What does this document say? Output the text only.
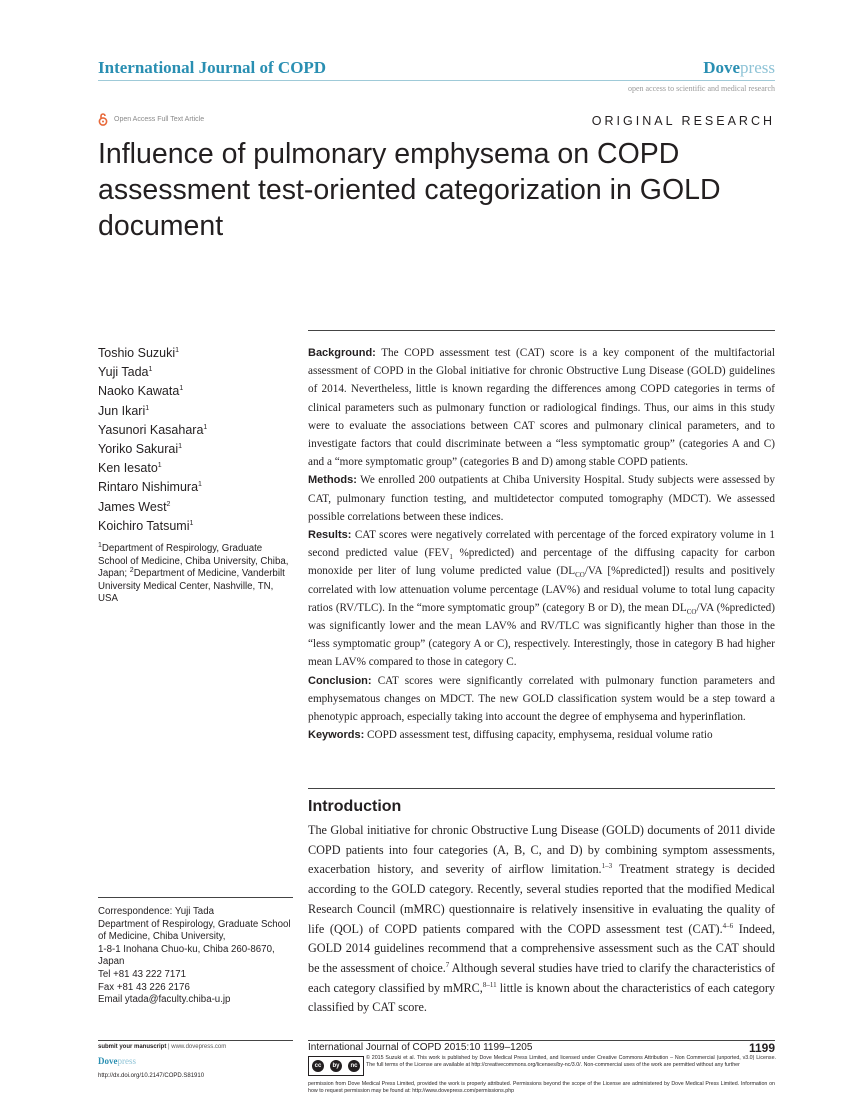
International Journal of COPD	Dovepress
open access to scientific and medical research
Open Access Full Text Article	ORIGINAL RESEARCH
Influence of pulmonary emphysema on COPD assessment test-oriented categorization in GOLD document
Toshio Suzuki$^1$
Yuji Tada$^1$
Naoko Kawata$^1$
Jun Ikari$^1$
Yasunori Kasahara$^1$
Yoriko Sakurai$^1$
Ken Iesato$^1$
Rintaro Nishimura$^1$
James West$^2$
Koichiro Tatsumi$^1$
$^1$Department of Respirology, Graduate School of Medicine, Chiba University, Chiba, Japan; $^2$Department of Medicine, Vanderbilt University Medical Center, Nashville, TN, USA

Background: The COPD assessment test (CAT) score is a key component of the multifactorial assessment of COPD in the Global initiative for chronic Obstructive Lung Disease (GOLD) guidelines of 2014. Nevertheless, little is known regarding the differences among COPD categories in terms of clinical parameters such as pulmonary function or radiological findings. Thus, our aims in this study were to evaluate the associations between CAT scores and pulmonary clinical parameters, and to investigate factors that could discriminate between a “less symptomatic group” (categories A and C) and a “more symptomatic group” (categories B and D) among stable COPD patients.

Methods: We enrolled 200 outpatients at Chiba University Hospital. Study subjects were assessed by CAT, pulmonary function testing, and multidetector computed tomography (MDCT). We assessed possible correlations between these indices.

Results: CAT scores were negatively correlated with percentage of the forced expiratory volume in 1 second predicted value ($FEV_1$ %predicted) and percentage of the diffusing capacity for carbon monoxide per liter of lung volume predicted value ($DL_{CO}/VA$ [%predicted]) results and positively correlated with low attenuation volume percentage (LAV%) and residual volume to total lung capacity ratios (RV/TLC). In the “more symptomatic group” (category B or D), the mean $DL_{CO}/VA$ (%predicted) was significantly lower and the mean LAV% and RV/TLC was significantly higher than those in the “less symptomatic group” (category A or C), respectively. Interestingly, those in category B had higher mean LAV% compared to those in category C.

Conclusion: CAT scores were significantly correlated with pulmonary function parameters and emphysematous changes on MDCT. The new GOLD classification system would be a step toward a phenotypic approach, especially taking into account the degree of emphysema and hyperinflation.

Keywords: COPD assessment test, diffusing capacity, emphysema, residual volume ratio

Introduction
The Global initiative for chronic Obstructive Lung Disease (GOLD) documents of 2011 divide COPD patients into four categories (A, B, C, and D) by combining symptom assessments, exacerbation history, and severity of airflow limitation.$^{1-3}$ Treatment strategy is decided according to the GOLD category. Recently, several studies reported that the modified Medical Research Council (mMRC) questionnaire is relatively insensitive in evaluating the quality of life (QOL) of COPD patients compared with the COPD assessment test (CAT).$^{4-6}$ Indeed, GOLD 2014 guidelines recommend that a comprehensive assessment such as the CAT should be the assessment of choice.$^7$ Although several studies have tried to clarify the characteristics of each category classified by mMRC,$^{8-11}$ little is known about the characteristics of each category classified by CAT score.
Correspondence: Yuji Tada
Department of Respirology, Graduate School of Medicine, Chiba University,
1-8-1 Inohana Chuo-ku, Chiba 260-8670, Japan
Tel +81 43 222 7171
Fax +81 43 226 2176
Email ytada@faculty.chiba-u.jp
submit your manuscript | www.dovepress.com
Dovepress
http://dx.doi.org/10.2147/COPD.S81910
International Journal of COPD 2015:10 1199–1205	1199
cc	by	nc
© 2015 Suzuki et al. This work is published by Dove Medical Press Limited, and licensed under Creative Commons Attribution – Non Commercial (unported, v3.0) License. The full terms of the License are available at http://creativecommons.org/licenses/by-nc/3.0/. Non-commercial uses of the work are permitted without any further
permission from Dove Medical Press Limited, provided the work is properly attributed. Permissions beyond the scope of the License are administered by Dove Medical Press Limited. Information on how to request permission may be found at: http://www.dovepress.com/permissions.php
